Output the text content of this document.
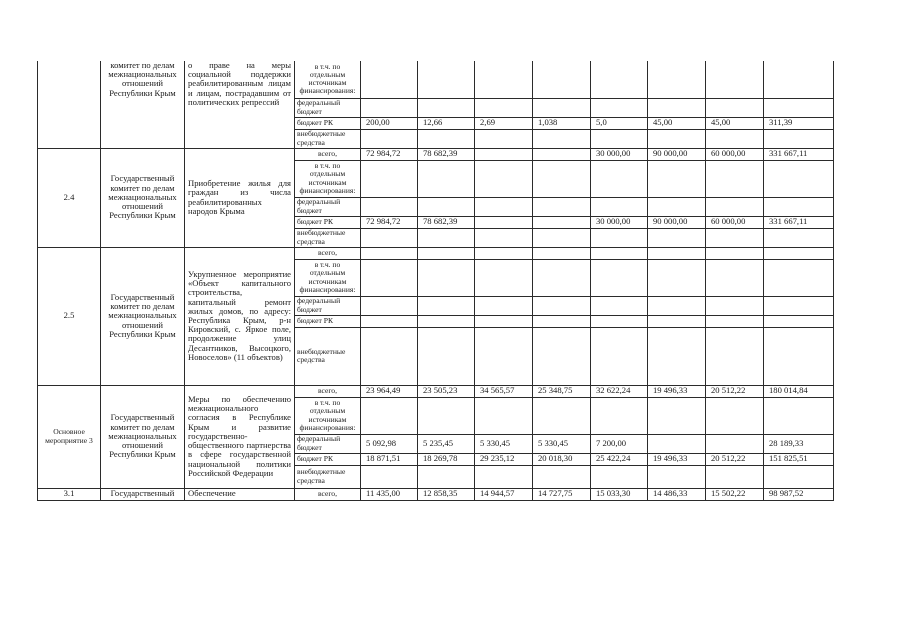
	комитет по делам межнациональных отношений Республики Крым	о праве на меры социальной поддержки реабилитированным лицам и лицам, пострадавшим от политических репрессий	в т.ч. по отдельным источникам финансирования:								
			федеральный бюджет								
			бюджет РК	200,00	12,66	2,69	1,038	5,0	45,00	45,00	311,39
			внебюджетные средства								
2.4	Государственный комитет по делам межнациональных отношений Республики Крым	Приобретение жилья для граждан из числа реабилитированных народов Крыма	всего,	72 984,72	78 682,39			30 000,00	90 000,00	60 000,00	331 667,11
			в т.ч. по отдельным источникам финансирования:								
			федеральный бюджет								
			бюджет РК	72 984,72	78 682,39			30 000,00	90 000,00	60 000,00	331 667,11
			внебюджетные средства								
2.5	Государственный комитет по делам межнациональных отношений Республики Крым	Укрупненное мероприятие «Объект капитального строительства, капитальный ремонт жилых домов, по адресу: Республика Крым, р-н Кировский, с. Яркое поле, продолжение улиц Десантников, Высоцкого, Новоселов» (11 объектов)	всего,								
			в т.ч. по отдельным источникам финансирования:								
			федеральный бюджет								
			бюджет РК								
			внебюджетные средства								
Основное мероприятие 3	Государственный комитет по делам межнациональных отношений Республики Крым	Меры по обеспечению межнационального согласия в Республике Крым и развитие государственно-общественного партнерства в сфере государственной национальной политики Российской Федерации	всего,	23 964,49	23 505,23	34 565,57	25 348,75	32 622,24	19 496,33	20 512,22	180 014,84
			в т.ч. по отдельным источникам финансирования:								
			федеральный бюджет	5 092,98	5 235,45	5 330,45	5 330,45	7 200,00			28 189,33
			бюджет РК	18 871,51	18 269,78	29 235,12	20 018,30	25 422,24	19 496,33	20 512,22	151 825,51
			внебюджетные средства								
3.1	Государственный	Обеспечение	всего,	11 435,00	12 858,35	14 944,57	14 727,75	15 033,30	14 486,33	15 502,22	98 987,52
